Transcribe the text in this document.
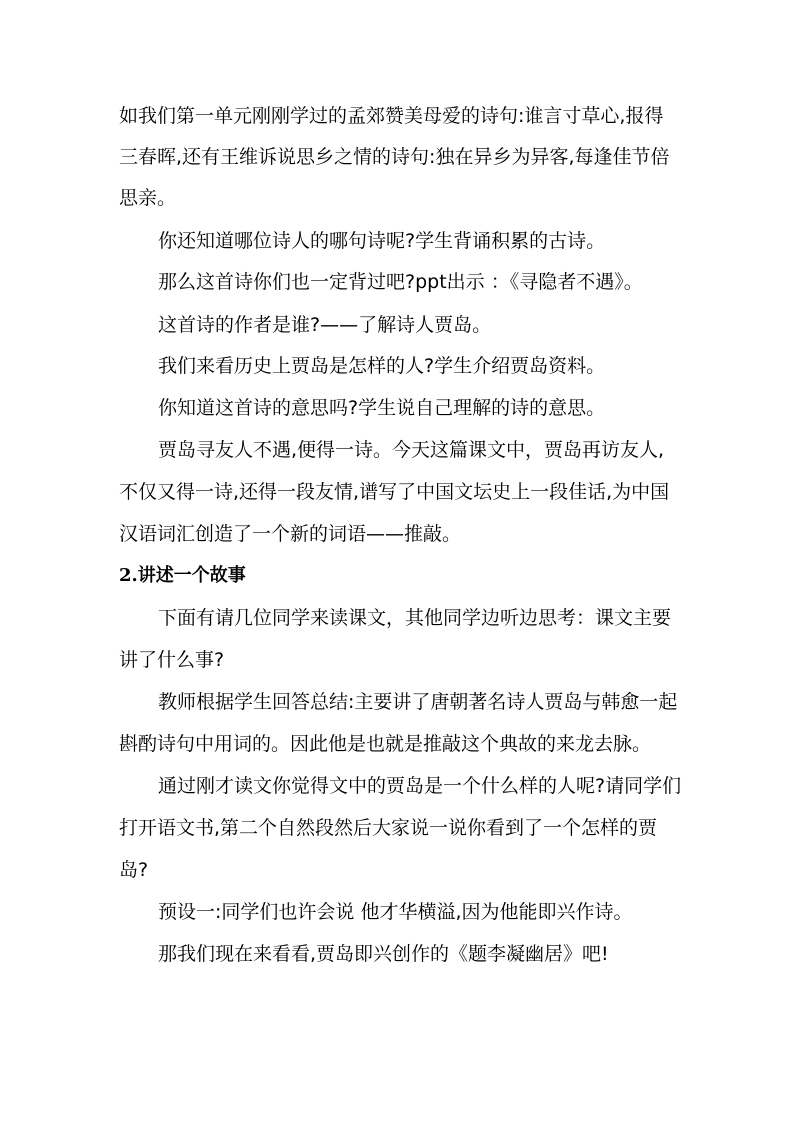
如我们第一单元刚刚学过的孟郊赞美母爱的诗句:谁言寸草心,报得
三春晖,还有王维诉说思乡之情的诗句:独在异乡为异客,每逢佳节倍
思亲。
你还知道哪位诗人的哪句诗呢?学生背诵积累的古诗。
那么这首诗你们也一定背过吧?ppt出示 ：《寻隐者不遇》。
这首诗的作者是谁?——了解诗人贾岛。
我们来看历史上贾岛是怎样的人?学生介绍贾岛资料。
你知道这首诗的意思吗?学生说自己理解的诗的意思。
贾岛寻友人不遇,便得一诗。今天这篇课文中，贾岛再访友人,
不仅又得一诗,还得一段友情,谱写了中国文坛史上一段佳话,为中国
汉语词汇创造了一个新的词语——推敲。
2.讲述一个故事
下面有请几位同学来读课文，其他同学边听边思考：课文主要
讲了什么事?
教师根据学生回答总结:主要讲了唐朝著名诗人贾岛与韩愈一起
斟酌诗句中用词的。因此他是也就是推敲这个典故的来龙去脉。
通过刚才读文你觉得文中的贾岛是一个什么样的人呢?请同学们
打开语文书,第二个自然段然后大家说一说你看到了一个怎样的贾
岛?
预设一:同学们也许会说 他才华横溢,因为他能即兴作诗。
那我们现在来看看,贾岛即兴创作的《题李凝幽居》吧!
